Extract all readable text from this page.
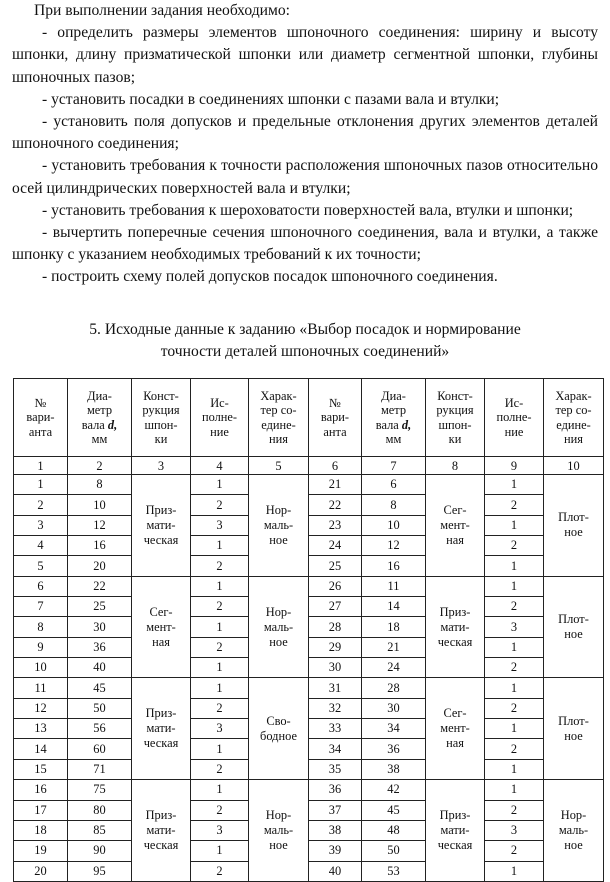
При выполнении задания необходимо:

- определить размеры элементов шпоночного соединения: ширину и высоту шпонки, длину призматической шпонки или диаметр сегментной шпонки, глубины шпоночных пазов;

- установить посадки в соединениях шпонки с пазами вала и втулки;

- установить поля допусков и предельные отклонения других элементов деталей шпоночного соединения;

- установить требования к точности расположения шпоночных пазов относительно осей цилиндрических поверхностей вала и втулки;

- установить требования к шероховатости поверхностей вала, втулки и шпонки;

- вычертить поперечные сечения шпоночного соединения, вала и втулки, а также шпонку с указанием необходимых требований к их точности;

- построить схему полей допусков посадок шпоночного соединения.

5. Исходные данные к заданию «Выбор посадок и нормирование
точности деталей шпоночных соединений»
№
вари-
анта	Диа-
метр
вала d,
мм	Конст-
рукция
шпон-
ки	Ис-
полне-
ние	Харак-
тер со-
едине-
ния	№
вари-
анта	Диа-
метр
вала d,
мм	Конст-
рукция
шпон-
ки	Ис-
полне-
ние	Харак-
тер со-
едине-
ния

1	2	3	4	5	6	7	8	9	10
1	8	Приз-
мати-
ческая	1	Нор-
маль-
ное	21	6	Сег-
мент-
ная	1	Плот-
ное

2	10		2		22	8		2	
3	12		3		23	10		1	
4	16		1		24	12		2	
5	20		2		25	16		1	
6	22	Сег-
мент-
ная	1	Нор-
маль-
ное	26	11	Приз-
мати-
ческая	1	Плот-
ное

7	25		2		27	14		2	
8	30		1		28	18		3	
9	36		2		29	21		1	
10	40		1		30	24		2	
11	45	Приз-
мати-
ческая	1	Сво-
бодное	31	28	Сег-
мент-
ная	1	Плот-
ное

12	50		2		32	30		2	
13	56		3		33	34		1	
14	60		1		34	36		2	
15	71		2		35	38		1	
16	75	Приз-
мати-
ческая	1	Нор-
маль-
ное	36	42	Приз-
мати-
ческая	1	Нор-
маль-
ное

17	80		2		37	45		2	
18	85		3		38	48		3	
19	90		1		39	50		2	
20	95		2		40	53		1	
